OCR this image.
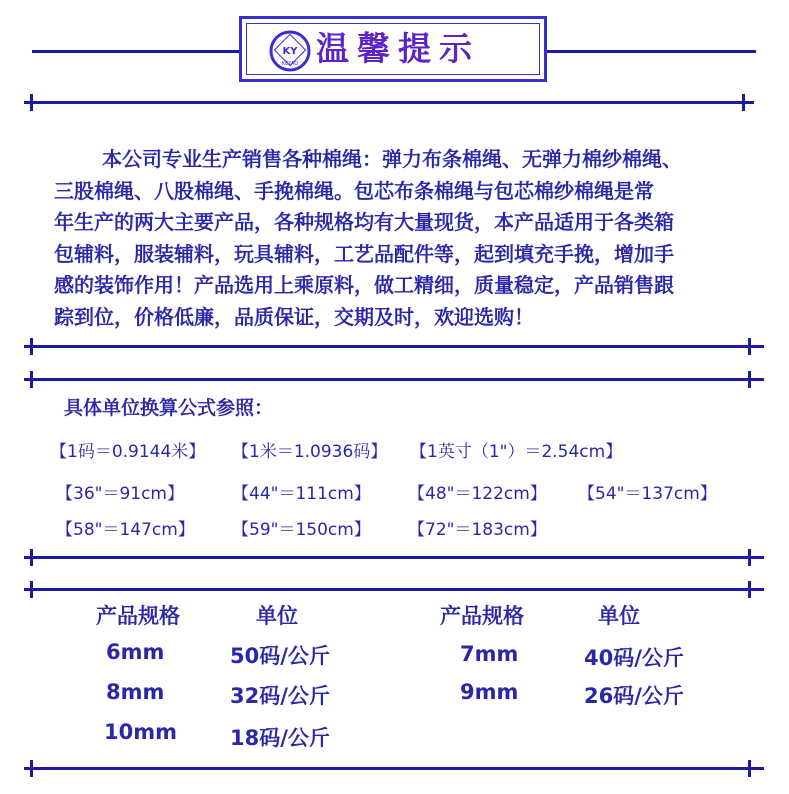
KY
KEYAO 温馨提示

本公司专业生产销售各种棉绳：弹力布条棉绳、无弹力棉纱棉绳、

三股棉绳、八股棉绳、手挽棉绳。包芯布条棉绳与包芯棉纱棉绳是常

年生产的两大主要产品，各种规格均有大量现货，本产品适用于各类箱

包辅料，服装辅料，玩具辅料，工艺品配件等，起到填充手挽，增加手

感的装饰作用！产品选用上乘原料，做工精细，质量稳定，产品销售跟

踪到位，价格低廉，品质保证，交期及时，欢迎选购！

具体单位换算公式参照：
【1码＝0.9144米】 【1米＝1.0936码】 【1英寸（1"）＝2.54cm】
【36"＝91cm】	【44"＝111cm】 【48"＝122cm】 【54"＝137cm】
【58"＝147cm】 【59"＝150cm】 【72"＝183cm】
产品规格	单位	产品规格	单位
6mm	50码/公斤	7mm	40码/公斤
8mm	32码/公斤	9mm	26码/公斤
10mm	18码/公斤
